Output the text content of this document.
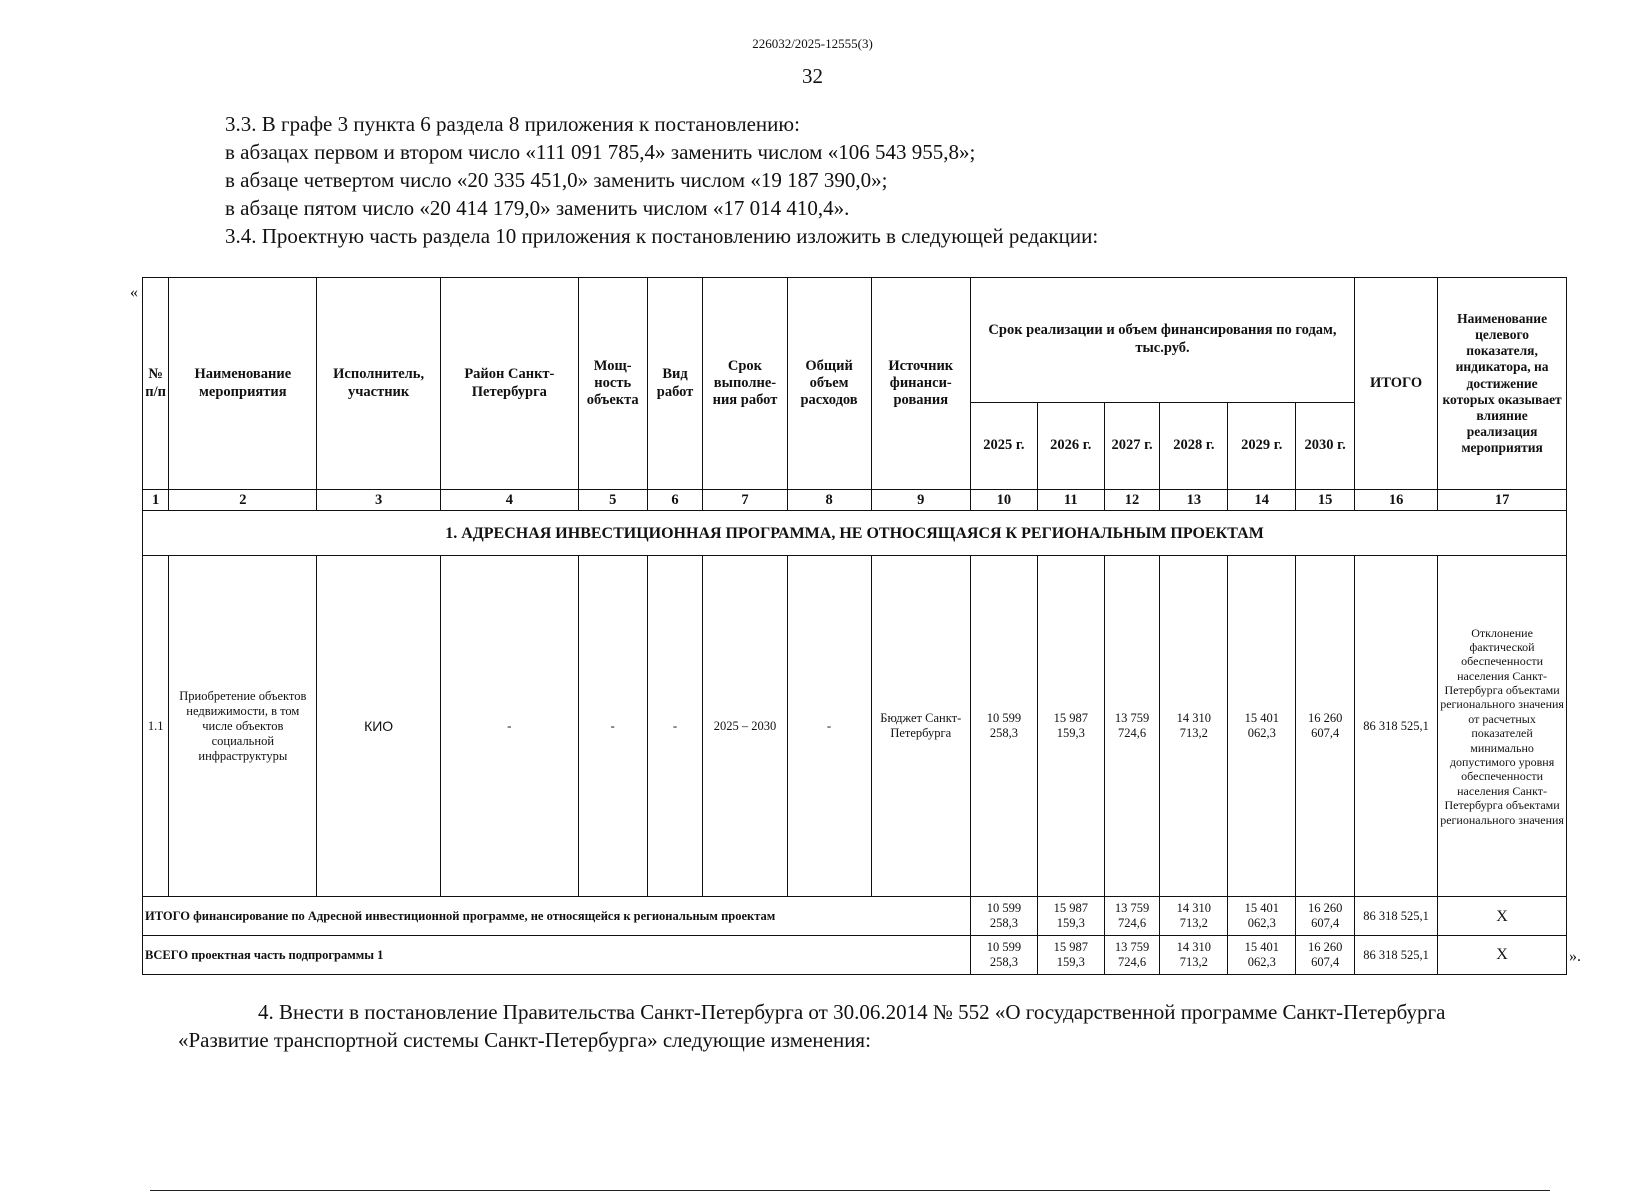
226032/2025-12555(3)
32
3.3. В графе 3 пункта 6 раздела 8 приложения к постановлению:
в абзацах первом и втором число «111 091 785,4» заменить числом «106 543 955,8»;
в абзаце четвертом число «20 335 451,0» заменить числом «19 187 390,0»;
в абзаце пятом число «20 414 179,0» заменить числом «17 014 410,4».
3.4. Проектную часть раздела 10 приложения к постановлению изложить в следующей редакции:
«
№ п/п	Наименование мероприятия	Исполнитель, участник	Район Санкт-Петербурга	Мощ-ность объекта	Вид работ	Срок выполне-ния работ	Общий объем расходов	Источник финанси-рования	Срок реализации и объем финансирования по годам, тыс.руб.						ИТОГО	Наименование целевого показателя, индикатора, на достижение которых оказывает влияние реализация мероприятия
									2025 г.	2026 г.	2027 г.	2028 г.	2029 г.	2030 г.		
1	2	3	4	5	6	7	8	9	10	11	12	13	14	15	16	17
1. АДРЕСНАЯ ИНВЕСТИЦИОННАЯ ПРОГРАММА, НЕ ОТНОСЯЩАЯСЯ К РЕГИОНАЛЬНЫМ ПРОЕКТАМ																
1.1	Приобретение объектов недвижимости, в том числе объектов социальной инфраструктуры	КИО	-	-	-	2025 – 2030	-	Бюджет Санкт-Петербурга	10 599 258,3	15 987 159,3	13 759 724,6	14 310 713,2	15 401 062,3	16 260 607,4	86 318 525,1	Отклонение фактической обеспеченности населения Санкт-Петербурга объектами регионального значения от расчетных показателей минимально допустимого уровня обеспеченности населения Санкт-Петербурга объектами регионального значения
ИТОГО финансирование по Адресной инвестиционной программе, не относящейся к региональным проектам									10 599 258,3	15 987 159,3	13 759 724,6	14 310 713,2	15 401 062,3	16 260 607,4	86 318 525,1	Х
ВСЕГО проектная часть подпрограммы 1									10 599 258,3	15 987 159,3	13 759 724,6	14 310 713,2	15 401 062,3	16 260 607,4	86 318 525,1	Х	».
4. Внести в постановление Правительства Санкт-Петербурга от 30.06.2014 № 552 «О государственной программе Санкт-Петербурга
«Развитие транспортной системы Санкт-Петербурга» следующие изменения:
